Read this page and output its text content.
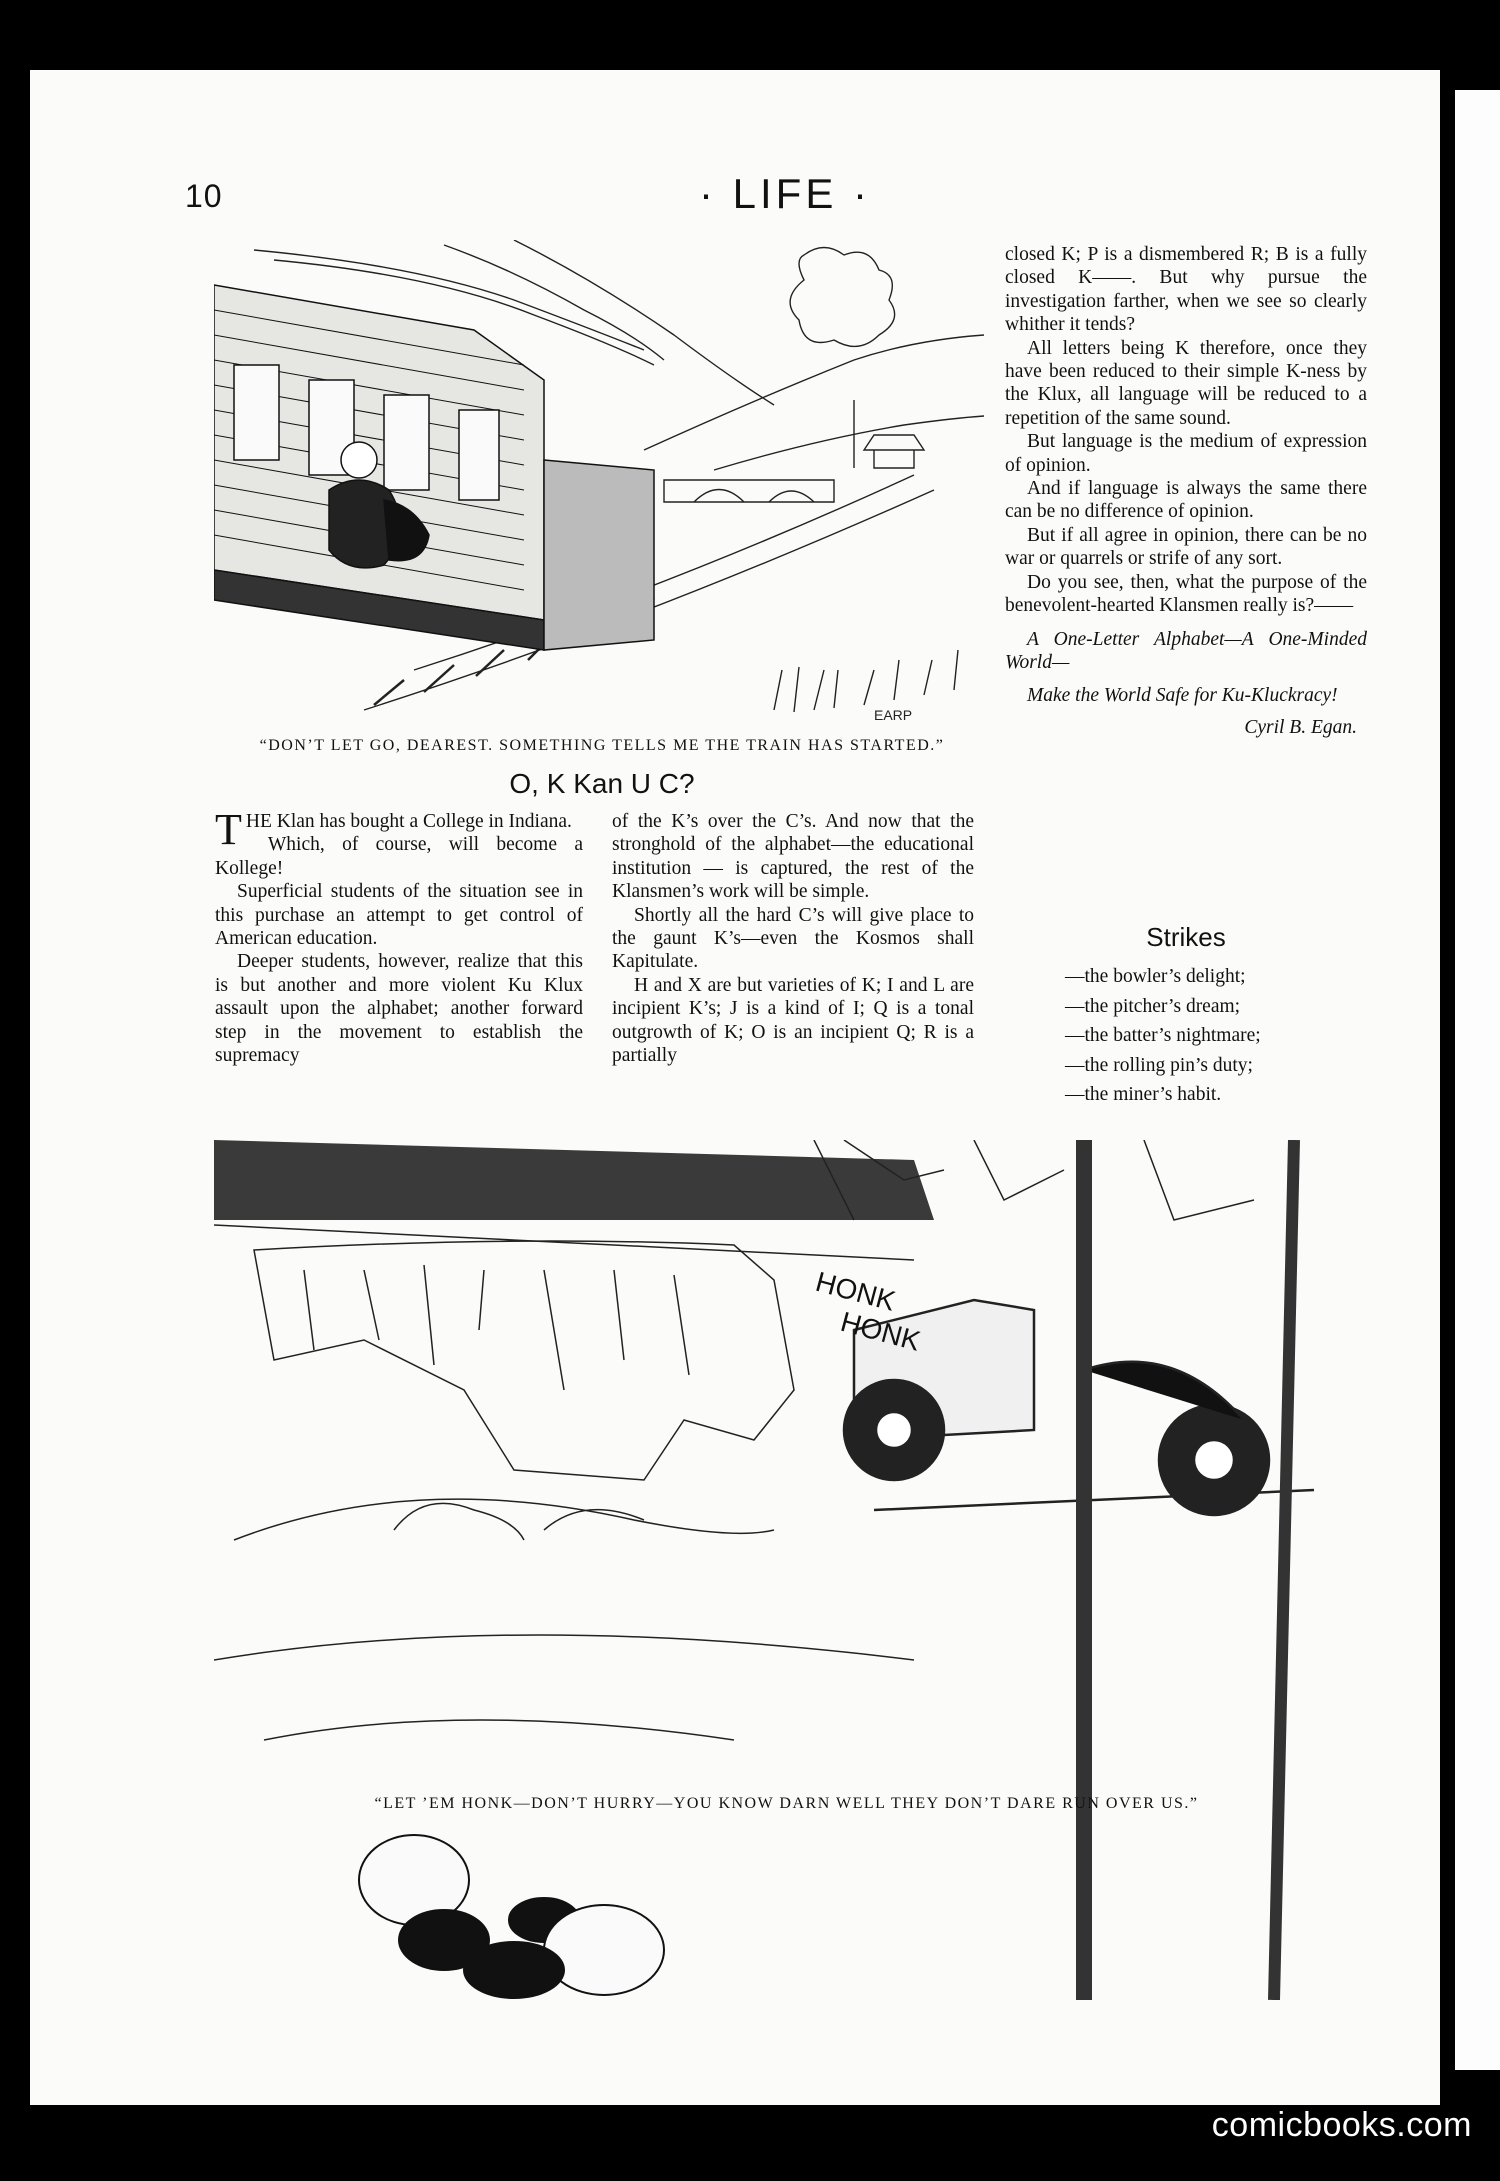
10	· LIFE ·
EARP
“DON’T LET GO, DEAREST. SOMETHING TELLS ME THE TRAIN HAS STARTED.”
O, K Kan U C?

THE Klan has bought a College in Indiana.

Which, of course, will become a Kollege!

Superficial students of the situation see in this purchase an attempt to get control of American education.

Deeper students, however, realize that this is but another and more violent Ku Klux assault upon the alphabet; another forward step in the movement to establish the supremacy

of the K’s over the C’s. And now that the stronghold of the alphabet—the educational institution — is captured, the rest of the Klansmen’s work will be simple.

Shortly all the hard C’s will give place to the gaunt K’s—even the Kosmos shall Kapitulate.

H and X are but varieties of K; I and L are incipient K’s; J is a kind of I; Q is a tonal outgrowth of K; O is an incipient Q; R is a partially

closed K; P is a dismembered R; B is a fully closed K——. But why pursue the investigation farther, when we see so clearly whither it tends?

All letters being K therefore, once they have been reduced to their simple K-ness by the Klux, all language will be reduced to a repetition of the same sound.

But language is the medium of expression of opinion.

And if language is always the same there can be no difference of opinion.

But if all agree in opinion, there can be no war or quarrels or strife of any sort.

Do you see, then, what the purpose of the benevolent-hearted Klansmen really is?——

A One-Letter Alphabet—A One-Minded World—

Make the World Safe for Ku-Kluckracy!

Cyril B. Egan.
Strikes
—the bowler’s delight;
—the pitcher’s dream;
—the batter’s nightmare;
—the rolling pin’s duty;
—the miner’s habit.
HONK
HONK
“LET ’EM HONK—DON’T HURRY—YOU KNOW DARN WELL THEY DON’T DARE RUN OVER US.”
comicbooks.com
